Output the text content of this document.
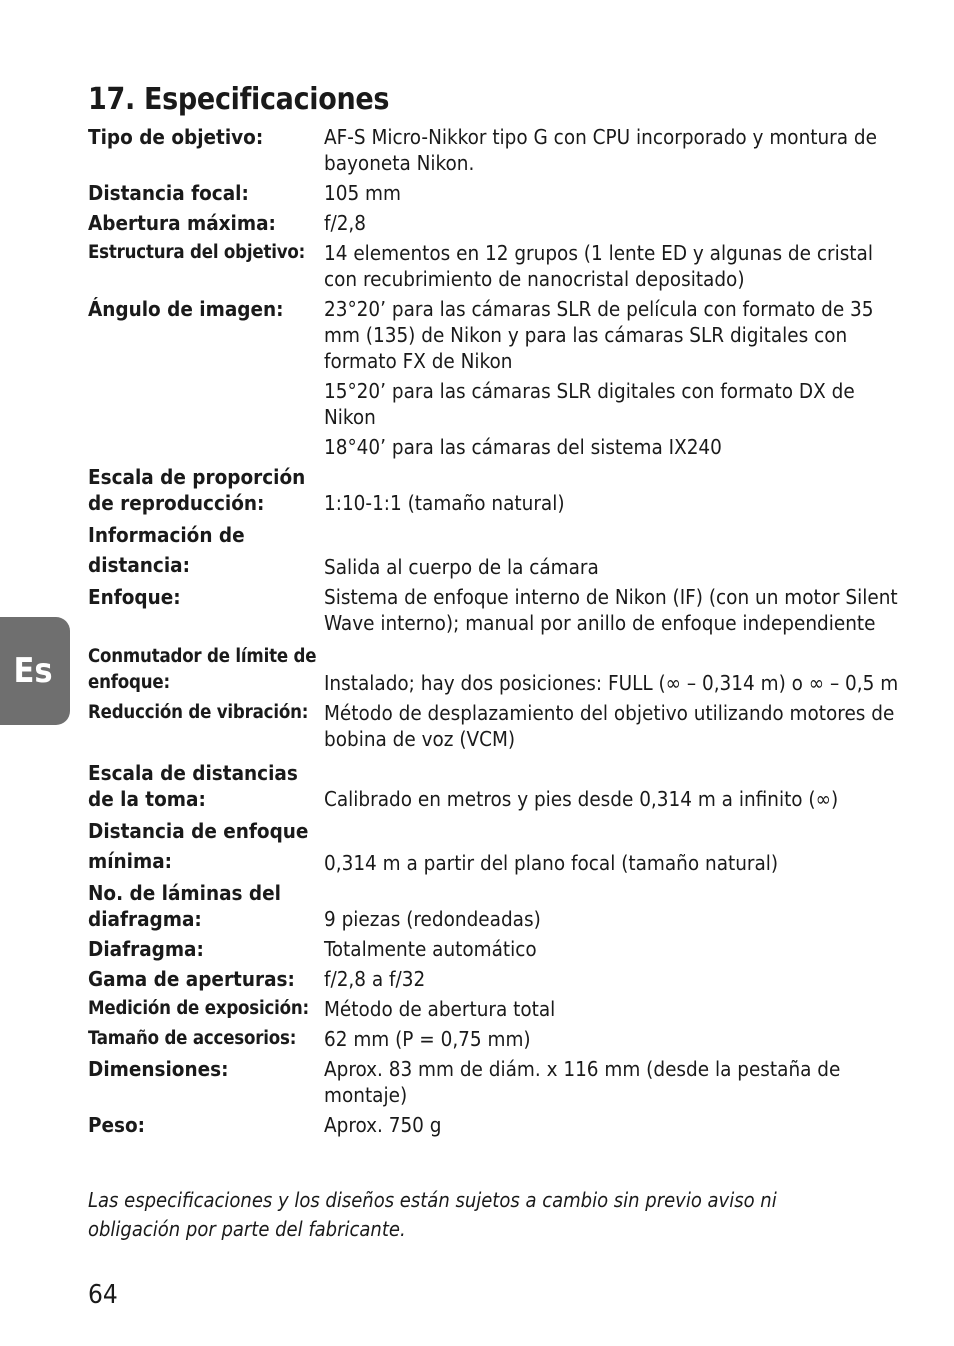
17. Especificaciones
Tipo de objetivo:	AF-S Micro-Nikkor tipo G con CPU incorporado y montura de bayoneta Nikon.

Distancia focal:	105 mm

Abertura máxima:	f/2,8

Estructura del objetivo: 14 elementos en 12 grupos (1 lente ED y algunas de cristal con recubrimiento de nanocristal depositado)

Ángulo de imagen:	23°20’ para las cámaras SLR de película con formato de 35 mm (135) de Nikon y para las cámaras SLR digitales con formato FX de Nikon

15°20’ para las cámaras SLR digitales con formato DX de Nikon

18°40’ para las cámaras del sistema IX240

Escala de proporción de reproducción:	1:10-1:1 (tamaño natural)

Información de distancia:	Salida al cuerpo de la cámara

Enfoque:	Sistema de enfoque interno de Nikon (IF) (con un motor Silent Wave interno); manual por anillo de enfoque independiente

Conmutador de límite de enfoque:	Instalado; hay dos posiciones: FULL (∞ – 0,314 m) o ∞ – 0,5 m

Reducción de vibración: Método de desplazamiento del objetivo utilizando motores de bobina de voz (VCM)

Escala de distancias de la toma:	Calibrado en metros y pies desde 0,314 m a infinito (∞)

Distancia de enfoque mínima:	0,314 m a partir del plano focal (tamaño natural)

No. de láminas del diafragma:	9 piezas (redondeadas)

Diafragma:	Totalmente automático

Gama de aperturas:	f/2,8 a f/32

Medición de exposición: Método de abertura total

Tamaño de accesorios:	62 mm (P = 0,75 mm)

Dimensiones:	Aprox. 83 mm de diám. x 116 mm (desde la pestaña de montaje)

Peso:	Aprox. 750 g

Es

Las especificaciones y los diseños están sujetos a cambio sin previo aviso ni obligación por parte del fabricante.

64
